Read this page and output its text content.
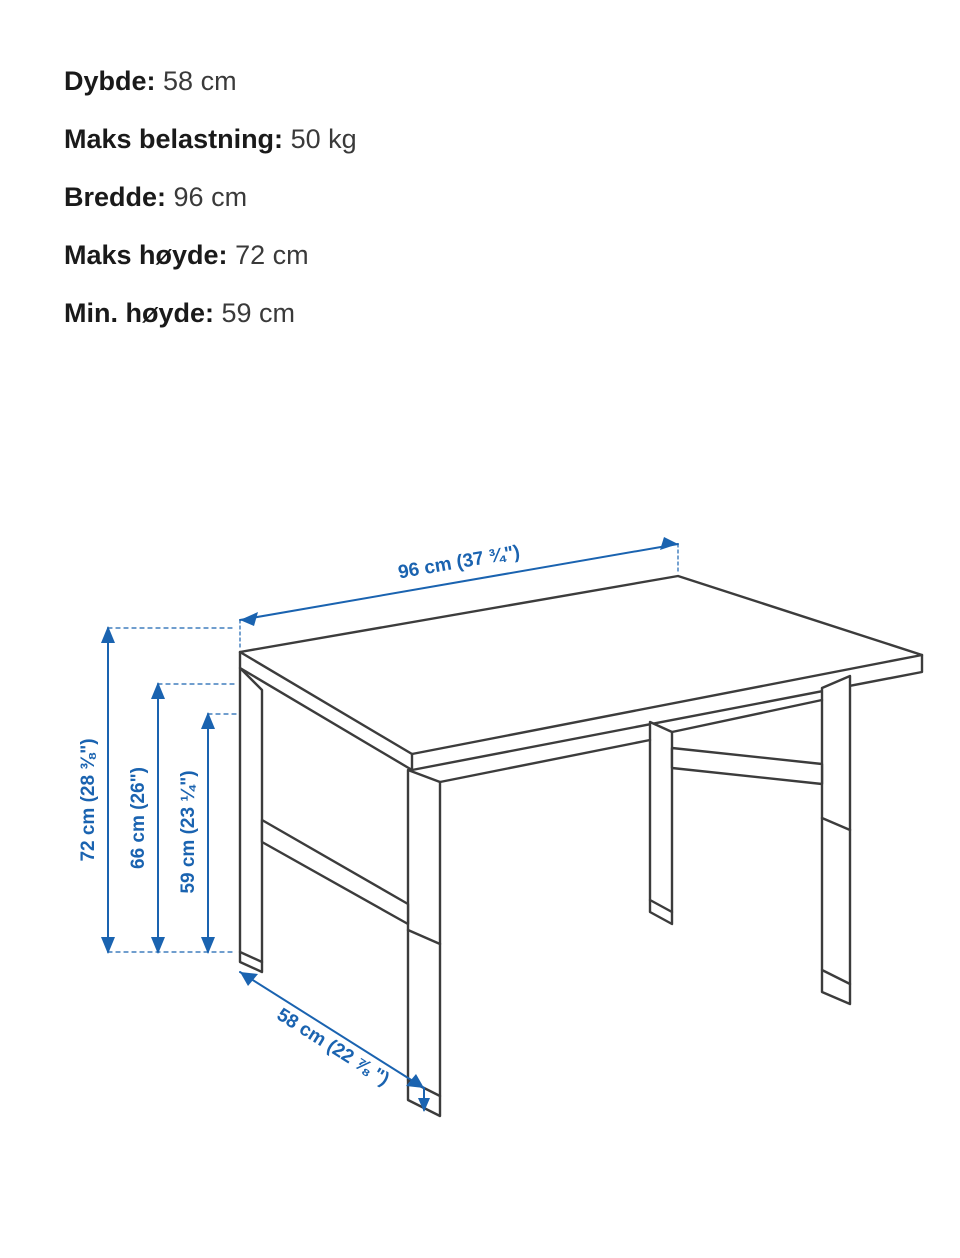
Dybde: 58 cm
Maks belastning: 50 kg
Bredde: 96 cm
Maks høyde: 72 cm
Min. høyde: 59 cm
96 cm (37 ¾")
58 cm (22 ⅞ ")
72 cm (28 ⅜") 66 cm (26") 59 cm (23 ¼")
